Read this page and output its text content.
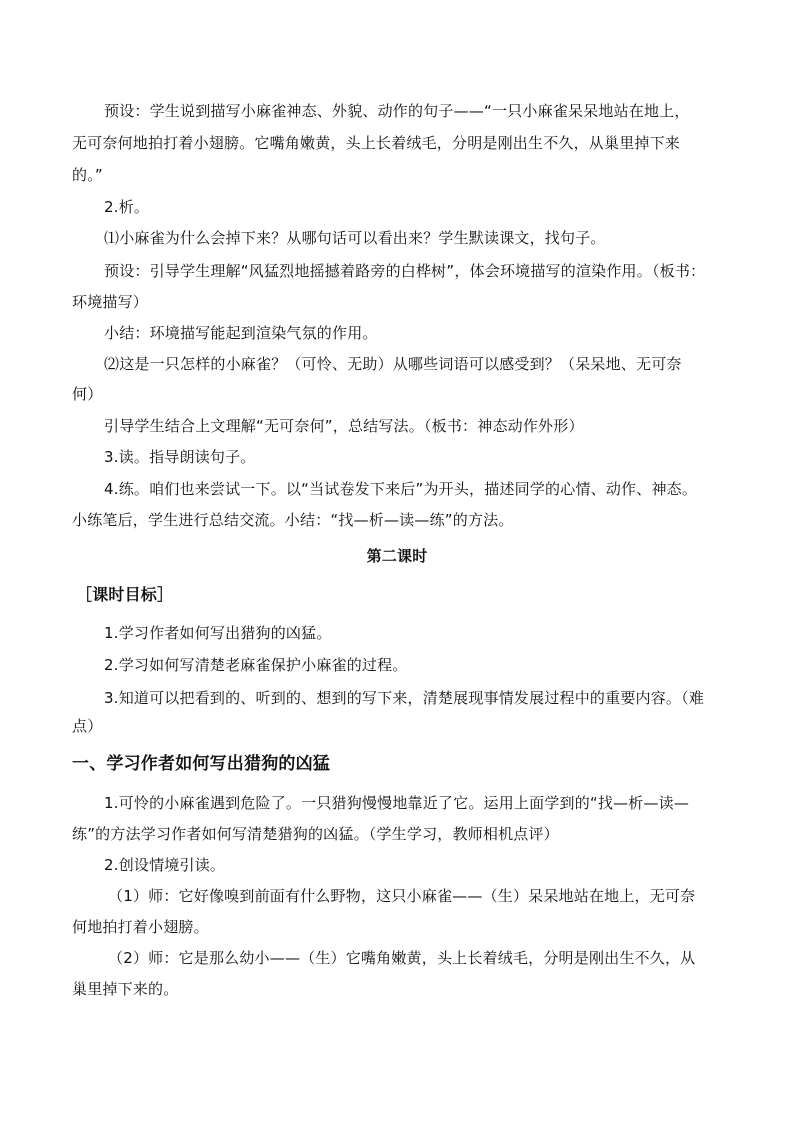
预设：学生说到描写小麻雀神态、外貌、动作的句子——“一只小麻雀呆呆地站在地上，
无可奈何地拍打着小翅膀。它嘴角嫩黄，头上长着绒毛，分明是刚出生不久，从巢里掉下来
的。”
2.析。
⑴小麻雀为什么会掉下来？从哪句话可以看出来？学生默读课文，找句子。
预设：引导学生理解“风猛烈地摇撼着路旁的白桦树”，体会环境描写的渲染作用。（板书：
环境描写）
小结：环境描写能起到渲染气氛的作用。
⑵这是一只怎样的小麻雀？（可怜、无助）从哪些词语可以感受到？（呆呆地、无可奈
何）
引导学生结合上文理解“无可奈何”，总结写法。（板书：神态动作外形）
3.读。指导朗读句子。
4.练。咱们也来尝试一下。以“当试卷发下来后”为开头，描述同学的心情、动作、神态。
小练笔后，学生进行总结交流。小结：“找—析—读—练”的方法。
第二课时
［课时目标］
1.学习作者如何写出猎狗的凶猛。
2.学习如何写清楚老麻雀保护小麻雀的过程。
3.知道可以把看到的、听到的、想到的写下来，清楚展现事情发展过程中的重要内容。（难
点）
一、学习作者如何写出猎狗的凶猛
1.可怜的小麻雀遇到危险了。一只猎狗慢慢地靠近了它。运用上面学到的“找—析—读—
练”的方法学习作者如何写清楚猎狗的凶猛。（学生学习，教师相机点评）
2.创设情境引读。
（1）师：它好像嗅到前面有什么野物，这只小麻雀——（生）呆呆地站在地上，无可奈
何地拍打着小翅膀。
（2）师：它是那么幼小——（生）它嘴角嫩黄，头上长着绒毛，分明是刚出生不久，从
巢里掉下来的。
